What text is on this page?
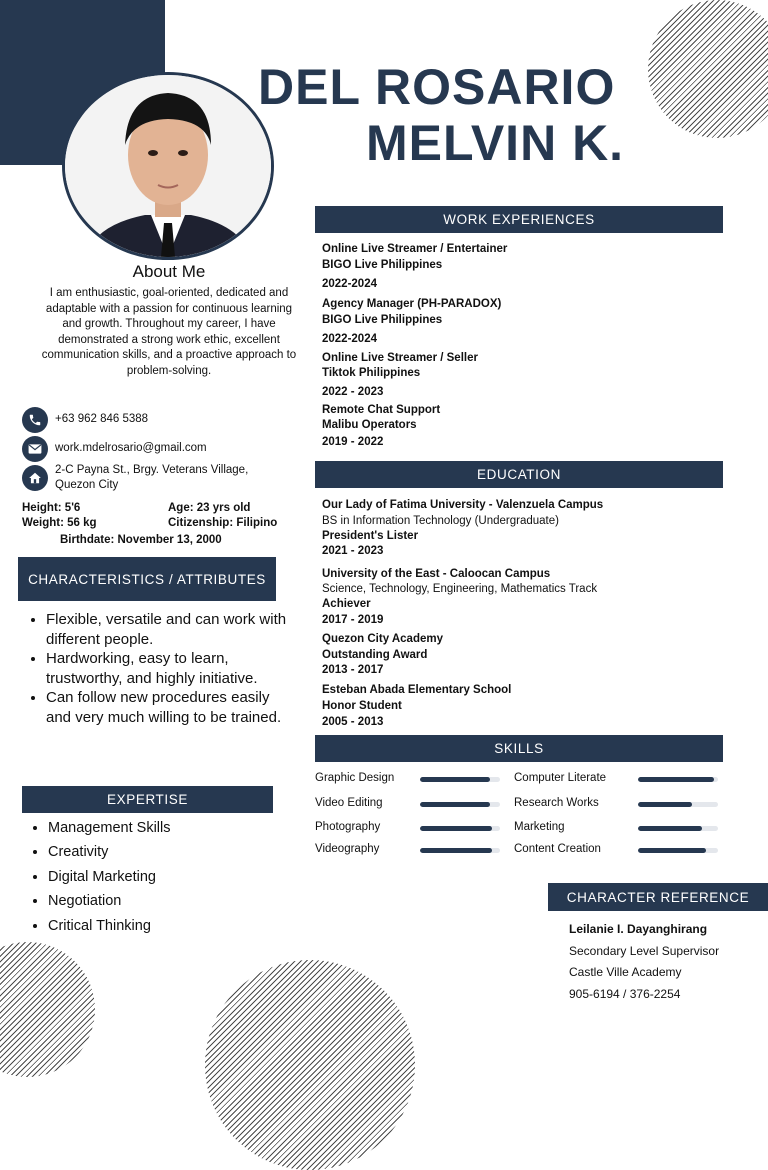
DEL ROSARIO
MELVIN K.
About Me
I am enthusiastic, goal-oriented, dedicated and adaptable with a passion for continuous learning and growth. Throughout my career, I have demonstrated a strong work ethic, excellent communication skills, and a proactive approach to problem-solving.
+63 962 846 5388
work.mdelrosario@gmail.com
2-C Payna St., Brgy. Veterans Village,
Quezon City
Height: 5'6
Weight: 56 kg
Age: 23 yrs old
Citizenship: Filipino
Birthdate: November 13, 2000
CHARACTERISTICS / ATTRIBUTES
• Flexible, versatile and can work with different people.
• Hardworking, easy to learn, trustworthy, and highly initiative.
• Can follow new procedures easily and very much willing to be trained.
EXPERTISE
• Management Skills
• Creativity
• Digital Marketing
• Negotiation
• Critical Thinking
WORK EXPERIENCES
Online Live Streamer / Entertainer
BIGO Live Philippines
2022-2024
Agency Manager (PH-PARADOX)
BIGO Live Philippines
2022-2024
Online Live Streamer / Seller
Tiktok Philippines
2022 - 2023
Remote Chat Support
Malibu Operators
2019 - 2022
EDUCATION
Our Lady of Fatima University - Valenzuela Campus
BS in Information Technology (Undergraduate)
President's Lister
2021 - 2023
University of the East - Caloocan Campus
Science, Technology, Engineering, Mathematics Track
Achiever
2017 - 2019
Quezon City Academy
Outstanding Award
2013 - 2017
Esteban Abada Elementary School
Honor Student
2005 - 2013
SKILLS
Graphic Design
Video Editing
Photography
Videography
Computer Literate
Research Works
Marketing
Content Creation
CHARACTER REFERENCE
Leilanie I. Dayanghirang
Secondary Level Supervisor
Castle Ville Academy
905-6194 / 376-2254
